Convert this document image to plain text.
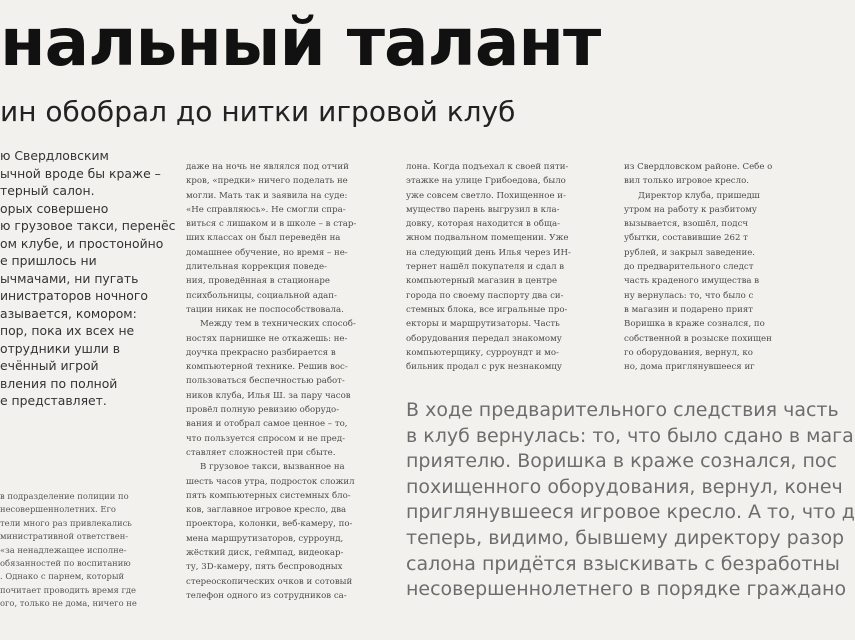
нальный талант
ин обобрал до нитки игровой клуб
ю Свердловским
ычной вроде бы краже –
терный салон.
орых совершено
ю грузовое такси, перенёс
ом клубе, и простонойно
е пришлось ни
ычмачами, ни пугать
инистраторов ночного
азывается, комором:
пор, пока их всех не
отрудники ушли в
ечённый игрой
вления по полной
е представляет.
в подразделение полиции по
несовершеннолетних. Его
тели много раз привлекались
министративной ответствен-
«за ненадлежащее исполне-
обязанностей по воспитанию
. Однако с парнем, который
почитает проводить время где
ого, только не дома, ничего не
даже на ночь не являлся под отчий
кров, «предки» ничего поделать не
могли. Мать так и заявила на суде:
«Не справляюсь». Не смогли спра-
виться с лишаком и в школе – в стар-
ших классах он был переведён на
домашнее обучение, но время – не-
длительная коррекция поведе-
ния, проведённая в стационаре
психбольницы, социальной адап-
тации никак не поспособствовала.
Между тем в технических способ-
ностях парнишке не откажешь: не-
доучка прекрасно разбирается в
компьютерной технике. Решив вос-
пользоваться беспечностью работ-
ников клуба, Илья Ш. за пару часов
провёл полную ревизию оборудо-
вания и отобрал самое ценное – то,
что пользуется спросом и не пред-
ставляет сложностей при сбыте.
В грузовое такси, вызванное на
шесть часов утра, подросток сложил
пять компьютерных системных бло-
ков, заглавное игровое кресло, два
проектора, колонки, веб-камеру, по-
мена маршрутизаторов, сурроунд,
жёсткий диск, геймпад, видеокар-
ту, 3D-камеру, пять беспроводных
стереоскопических очков и сотовый
телефон одного из сотрудников са-
лона. Когда подъехал к своей пяти-
этажке на улице Грибоедова, было
уже совсем светло. Похищенное и-
мущество парень выгрузил в кла-
довку, которая находится в обща-
жном подвальном помещении. Уже
на следующий день Илья через ИН-
тернет нашёл покупателя и сдал в
компьютерный магазин в центре
города по своему паспорту два си-
стемных блока, все игральные про-
екторы и маршрутизаторы. Часть
оборудования передал знакомому
компьютерщику, сурроундт и мо-
бильник продал с рук незнакомцу
из Свердловском районе. Себе о
вил только игровое кресло.
Директор клуба, пришедш
утром на работу к разбитому
вызывается, взошёл, подсч
убытки, составившие 262 т
рублей, и закрыл заведение.
до предварительного следст
часть краденого имущества в
ну вернулась: то, что было с
в магазин и подарено прият
Воришка в краже сознался, по
собственной в розыске похищен
го оборудования, вернул, ко
но, дома приглянувшееся иг
В ходе предварительного следствия часть
в клуб вернулась: то, что было сдано в мага
приятелю. Воришка в краже сознался, пос
похищенного оборудования, вернул, конеч
приглянувшееся игровое кресло. А то, что д
теперь, видимо, бывшему директору разор
салона придётся взыскивать с безработны
несовершеннолетнего в порядке граждано
